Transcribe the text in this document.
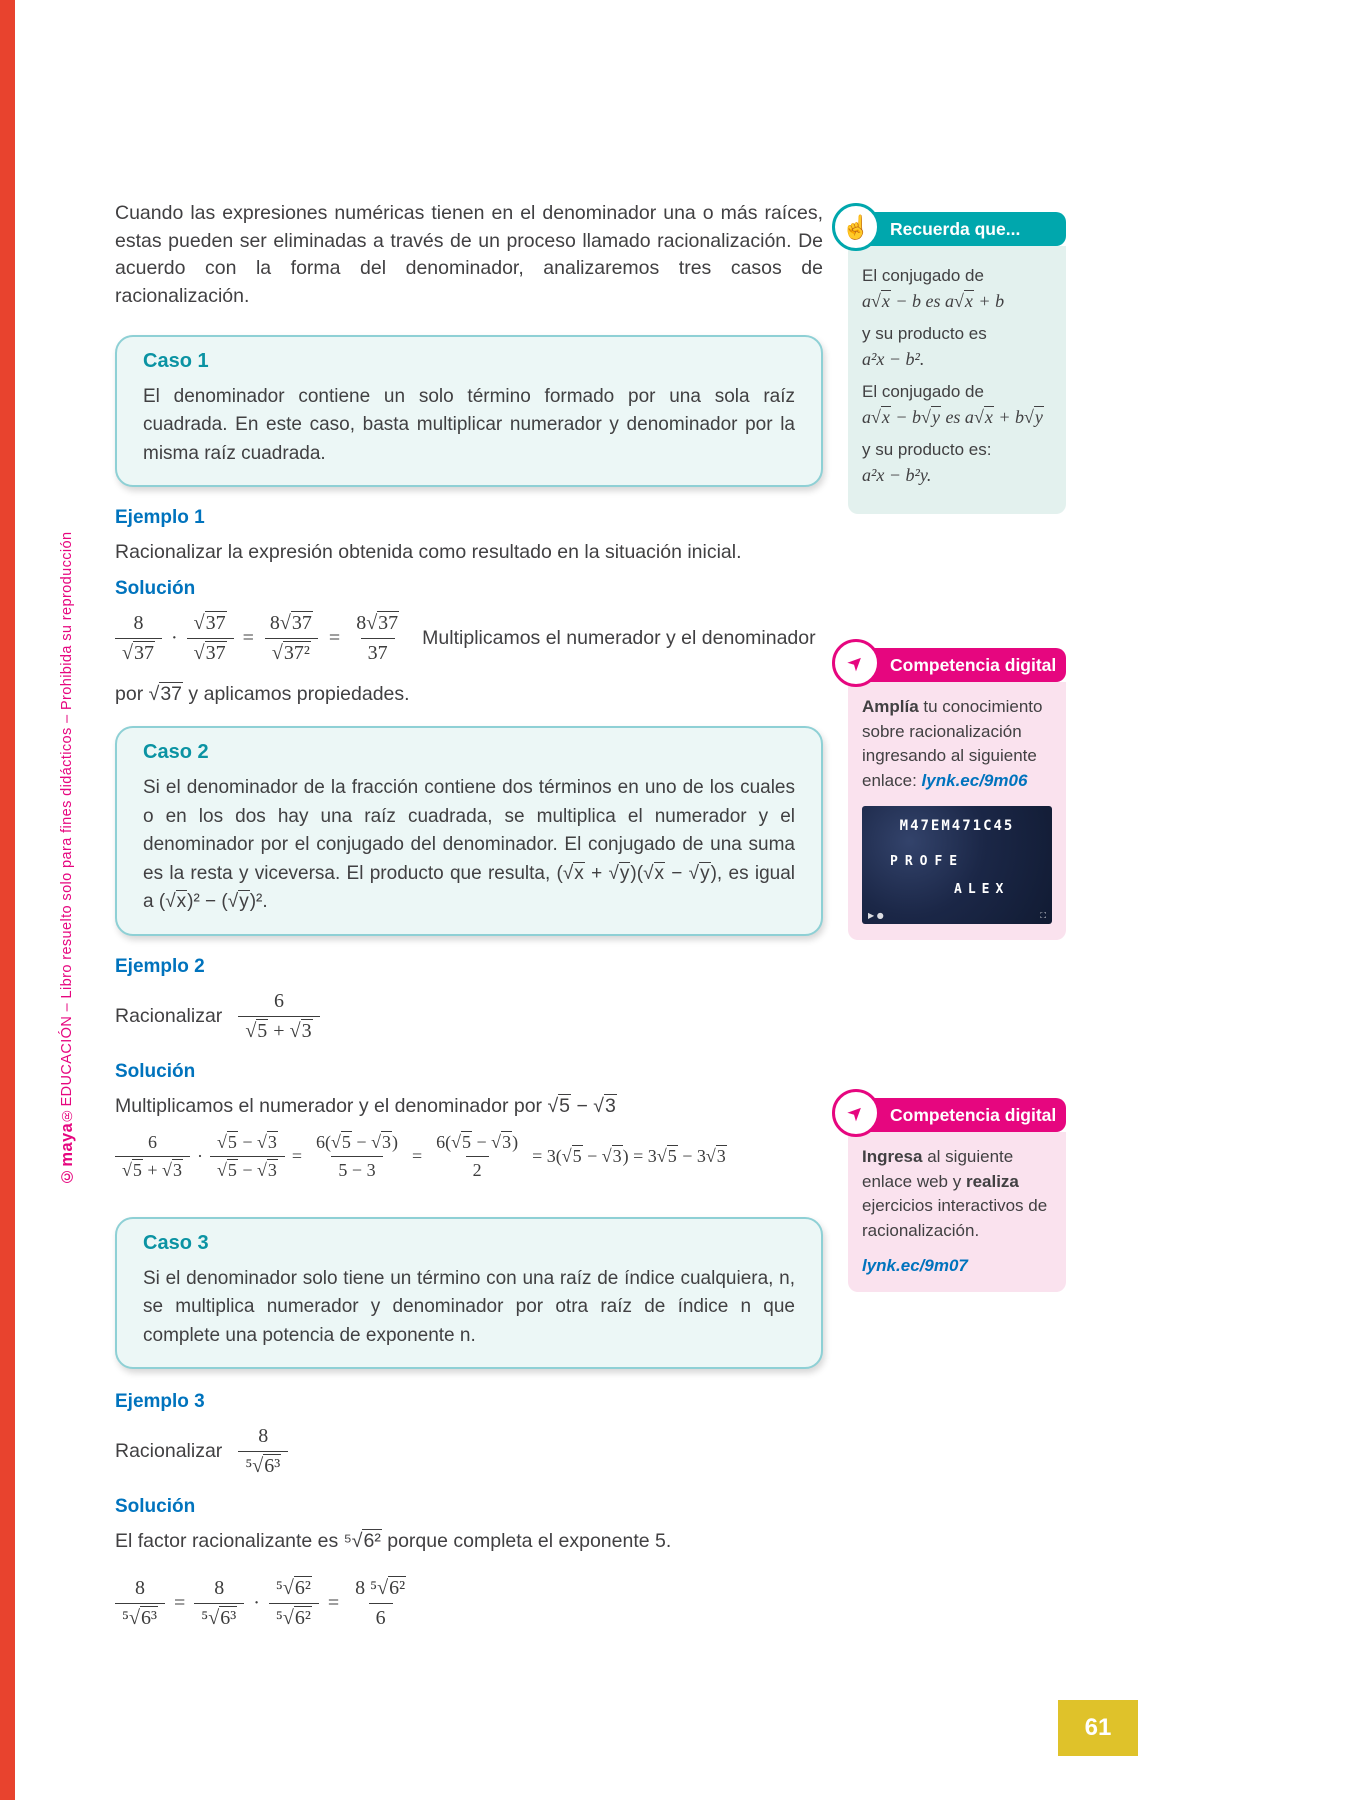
©maya®EDUCACIÓN – Libro resuelto solo para fines didácticos – Prohibida su reproducción

Cuando las expresiones numéricas tienen en el denominador una o más raíces, estas pueden ser eliminadas a través de un proceso llamado racionalización. De acuerdo con la forma del denominador, analizaremos tres casos de racionalización.

Caso 1

El denominador contiene un solo término formado por una sola raíz cuadrada. En este caso, basta multiplicar numerador y denominador por la misma raíz cuadrada.

Ejemplo 1

Racionalizar la expresión obtenida como resultado en la situación inicial.

Solución
$\frac{8}{√37} \cdot \frac{√37}{√37} = \frac{8√37}{\text{√37²}} = \frac{8√37}{37}$ Multiplicamos el numerador y el denominador

por √37 y aplicamos propiedades.

Caso 2

Si el denominador de la fracción contiene dos términos en uno de los cuales o en los dos hay una raíz cuadrada, se multiplica el numerador y el denominador por el conjugado del denominador. El conjugado de una suma es la resta y viceversa. El producto que resulta, (√x + √y)(√x − √y), es igual a (√x)² − (√y)².

Ejemplo 2
Racionalizar $\frac{6}{√5 + √3}$
Solución

Multiplicamos el numerador y el denominador por √5 − √3

$\frac{6}{√5 + √3} \cdot \frac{√5 - √3}{√5 - √3} = \frac{6(√5 - √3)}{5 - 3} = \frac{6(√5 - √3)}{2} = 3(√5 - √3) = 3√5 - 3√3$
Caso 3

Si el denominador solo tiene un término con una raíz de índice cualquiera, n, se multiplica numerador y denominador por otra raíz de índice n que complete una potencia de exponente n.

Ejemplo 3
Racionalizar $\frac{8}{\text{⁵√6³}}$
Solución

El factor racionalizante es ⁵√6² porque completa el exponente 5.

$\frac{8}{\text{⁵√6³}} = \frac{8}{\text{⁵√6³}} \cdot \frac{\text{⁵√6²}}{\text{⁵√6²}} = \frac{\text{8 ⁵√6²}}{6}$
☝ Recuerda que...
El conjugado de
a√x − b es a√x + b
y su producto es
a²x − b².
El conjugado de
a√x − b√y es a√x + b√y
y su producto es:
a²x − b²y.
➤ Competencia digital

Amplía tu conocimiento sobre racionalización ingresando al siguiente enlace: lynk.ec/9m06

M47EM471C45
PROFE
ALEX
▶ ●	⛶
➤ Competencia digital

Ingresa al siguiente enlace web y realiza ejercicios interactivos de racionalización.

lynk.ec/9m07
61
